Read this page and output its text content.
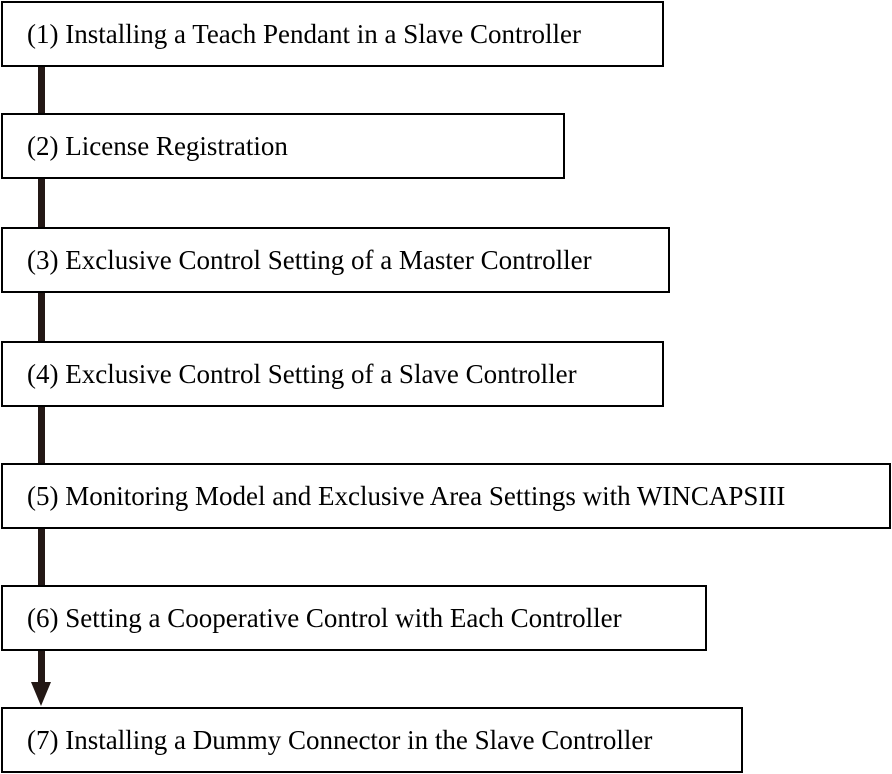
(1) Installing a Teach Pendant in a Slave Controller
(2) License Registration
(3) Exclusive Control Setting of a Master Controller
(4) Exclusive Control Setting of a Slave Controller
(5) Monitoring Model and Exclusive Area Settings with WINCAPSIII
(6) Setting a Cooperative Control with Each Controller
(7) Installing a Dummy Connector in the Slave Controller
